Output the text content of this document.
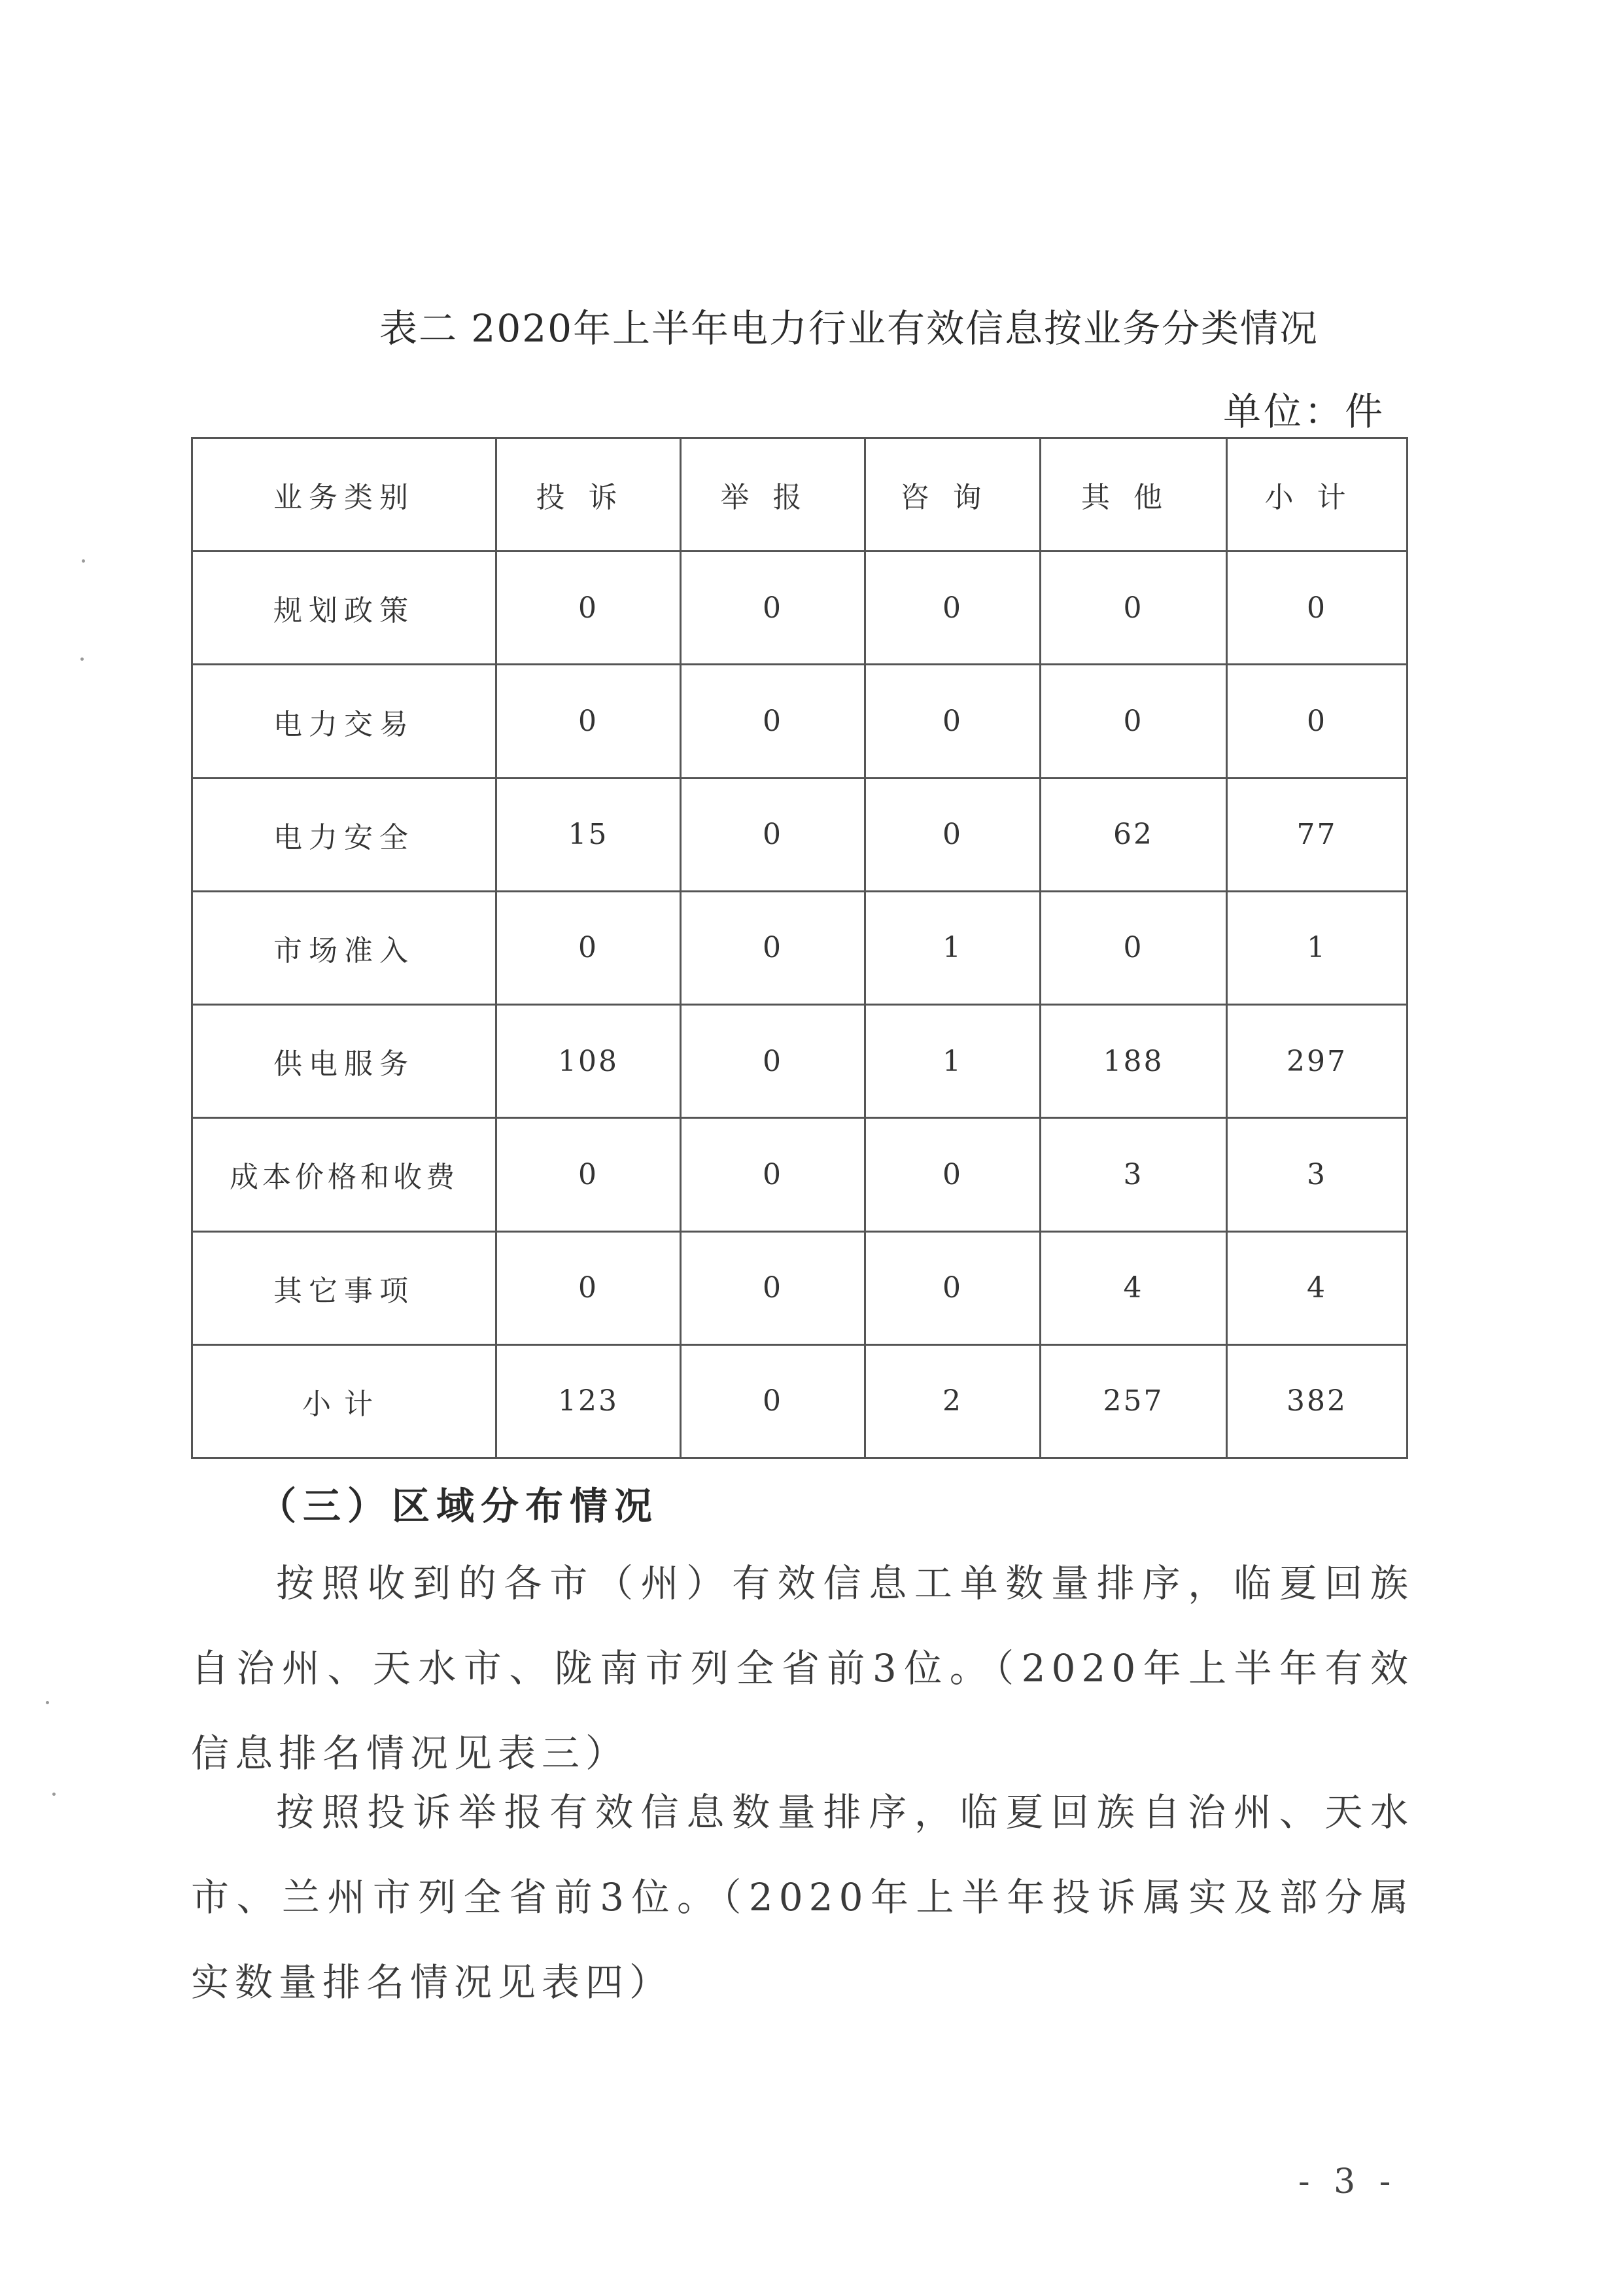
表二 2020年上半年电力行业有效信息按业务分类情况
单位：件
业务类别	投诉	举报	咨询	其他	小计
规划政策	0	0	0	0	0
电力交易	0	0	0	0	0
电力安全	15	0	0	62	77
市场准入	0	0	1	0	1
供电服务	108	0	1	188	297
成本价格和收费	0	0	0	3	3
其它事项	0	0	0	4	4
小计	123	0	2	257	382
（三）区域分布情况

按照收到的各市（州）有效信息工单数量排序，临夏回族自治州、天水市、陇南市列全省前3位。（2020年上半年有效信息排名情况见表三）

按照投诉举报有效信息数量排序，临夏回族自治州、天水市、兰州市列全省前3位。（2020年上半年投诉属实及部分属实数量排名情况见表四）

- 3 -
